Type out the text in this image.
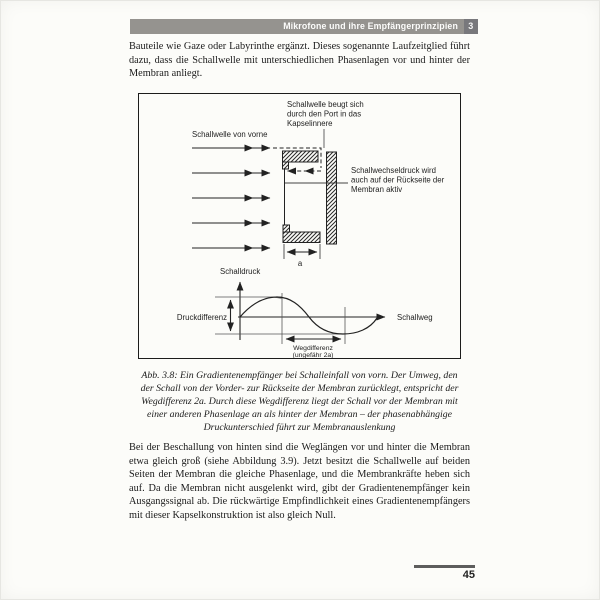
Mikrofone und ihre Empfängerprinzipien	3

Bauteile wie Gaze oder Labyrinthe ergänzt. Dieses sogenannte Laufzeitglied führt dazu, dass die Schallwelle mit unterschiedlichen Phasenlagen vor und hinter der Membran anliegt.

Schallwelle beugt sich
durch den Port in das
Kapselinnere
Schallwelle von vorne
Schallwechseldruck wird
auch auf der Rückseite der
Membran aktiv
a
Schalldruck
Schallweg
Druckdifferenz
Wegdifferenz
(ungefähr 2a)
Abb. 3.8: Ein Gradientenempfänger bei Schalleinfall von vorn. Der Umweg, den
der Schall von der Vorder- zur Rückseite der Membran zurücklegt, entspricht der
Wegdifferenz 2a. Durch diese Wegdifferenz liegt der Schall vor der Membran mit
einer anderen Phasenlage an als hinter der Membran – der phasenabhängige
Druckunterschied führt zur Membranauslenkung

Bei der Beschallung von hinten sind die Weglängen vor und hinter die Membran etwa gleich groß (siehe Abbildung 3.9). Jetzt besitzt die Schallwelle auf beiden Seiten der Membran die gleiche Phasenlage, und die Membrankräfte heben sich auf. Da die Membran nicht ausgelenkt wird, gibt der Gradientenempfänger kein Ausgangssignal ab. Die rückwärtige Empfindlichkeit eines Gradientenempfängers mit dieser Kapselkonstruktion ist also gleich Null.

45
